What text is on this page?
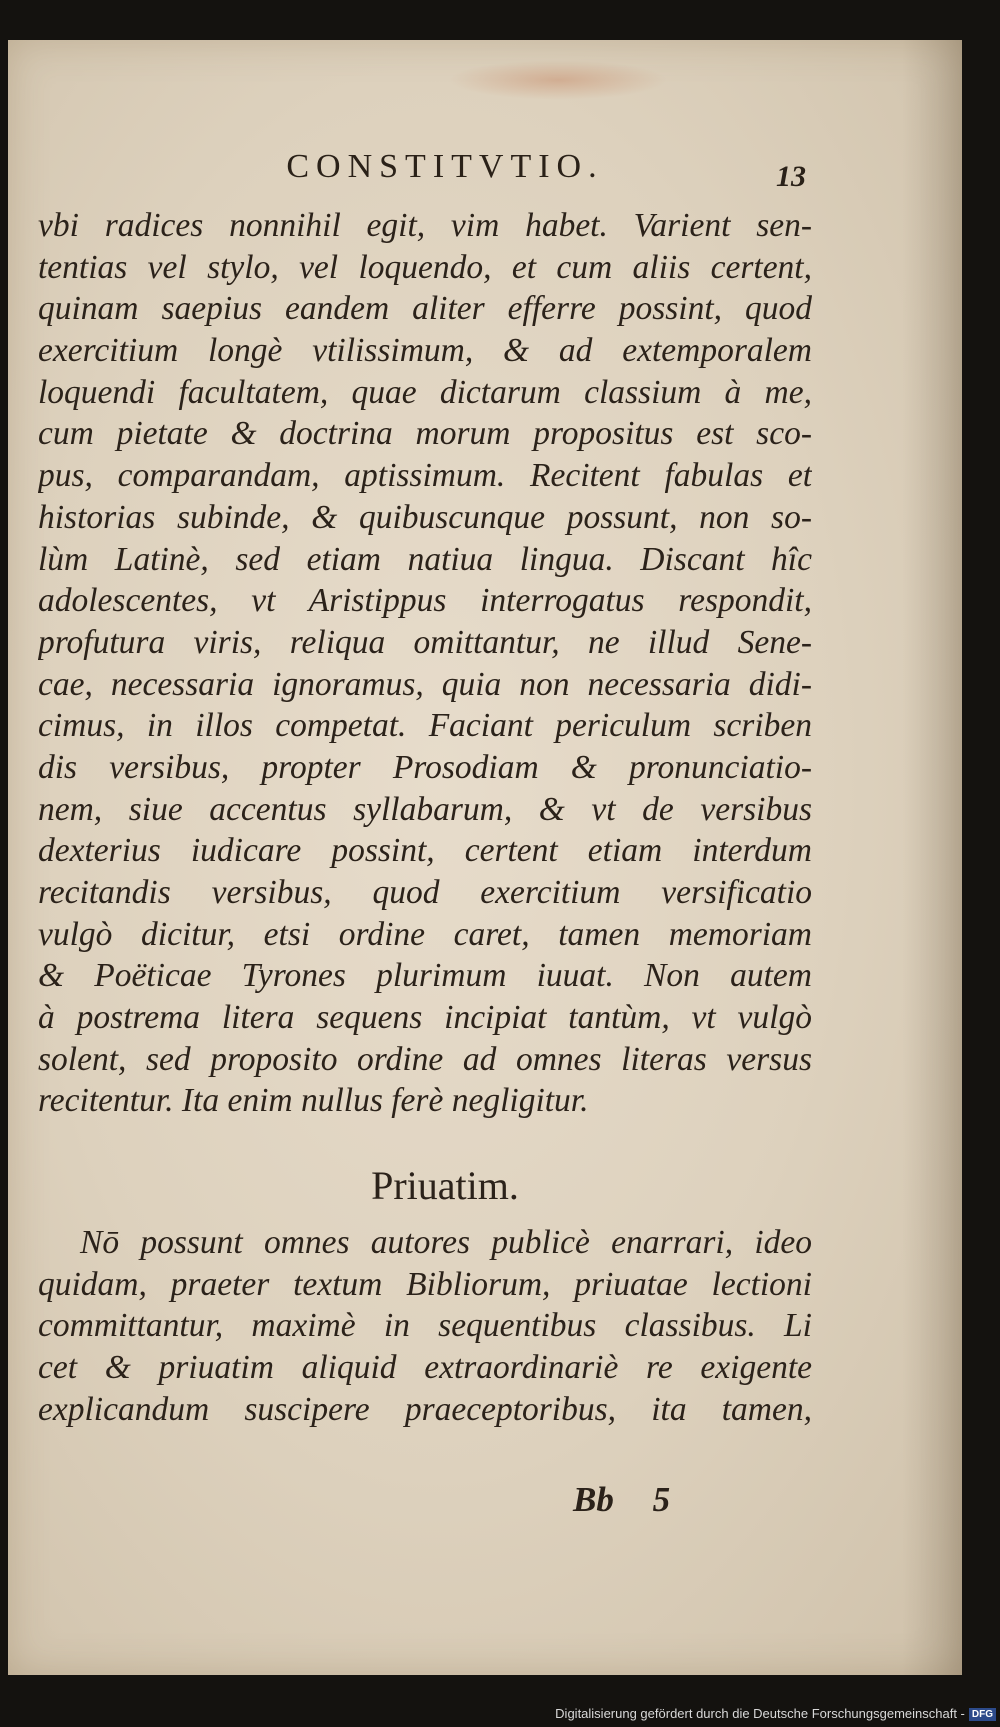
CONSTITVTIO.	13
vbi radices nonnihil egit, vim habet. Varient sen-
tentias vel stylo, vel loquendo, et cum aliis certent,
quinam saepius eandem aliter efferre possint, quod
exercitium longè vtilissimum, & ad extemporalem
loquendi facultatem, quae dictarum classium à me,
cum pietate & doctrina morum propositus est sco-
pus, comparandam, aptissimum. Recitent fabulas et
historias subinde, & quibuscunque possunt, non so-
lùm Latinè, sed etiam natiua lingua. Discant hîc
adolescentes, vt Aristippus interrogatus respondit,
profutura viris, reliqua omittantur, ne illud Sene-
cae, necessaria ignoramus, quia non necessaria didi-
cimus, in illos competat. Faciant periculum scriben
dis versibus, propter Prosodiam & pronunciatio-
nem, siue accentus syllabarum, & vt de versibus
dexterius iudicare possint, certent etiam interdum
recitandis versibus, quod exercitium versificatio
vulgò dicitur, etsi ordine caret, tamen memoriam
& Poëticae Tyrones plurimum iuuat. Non autem
à postrema litera sequens incipiat tantùm, vt vulgò
solent, sed proposito ordine ad omnes literas versus
recitentur. Ita enim nullus ferè negligitur.
Priuatim.
Nō possunt omnes autores publicè enarrari, ideo
quidam, praeter textum Bibliorum, priuatae lectioni
committantur, maximè in sequentibus classibus. Li
cet & priuatim aliquid extraordinariè re exigente
explicandum suscipere praeceptoribus, ita tamen,
Bb 5
Digitalisierung gefördert durch die Deutsche Forschungsgemeinschaft - DFG
